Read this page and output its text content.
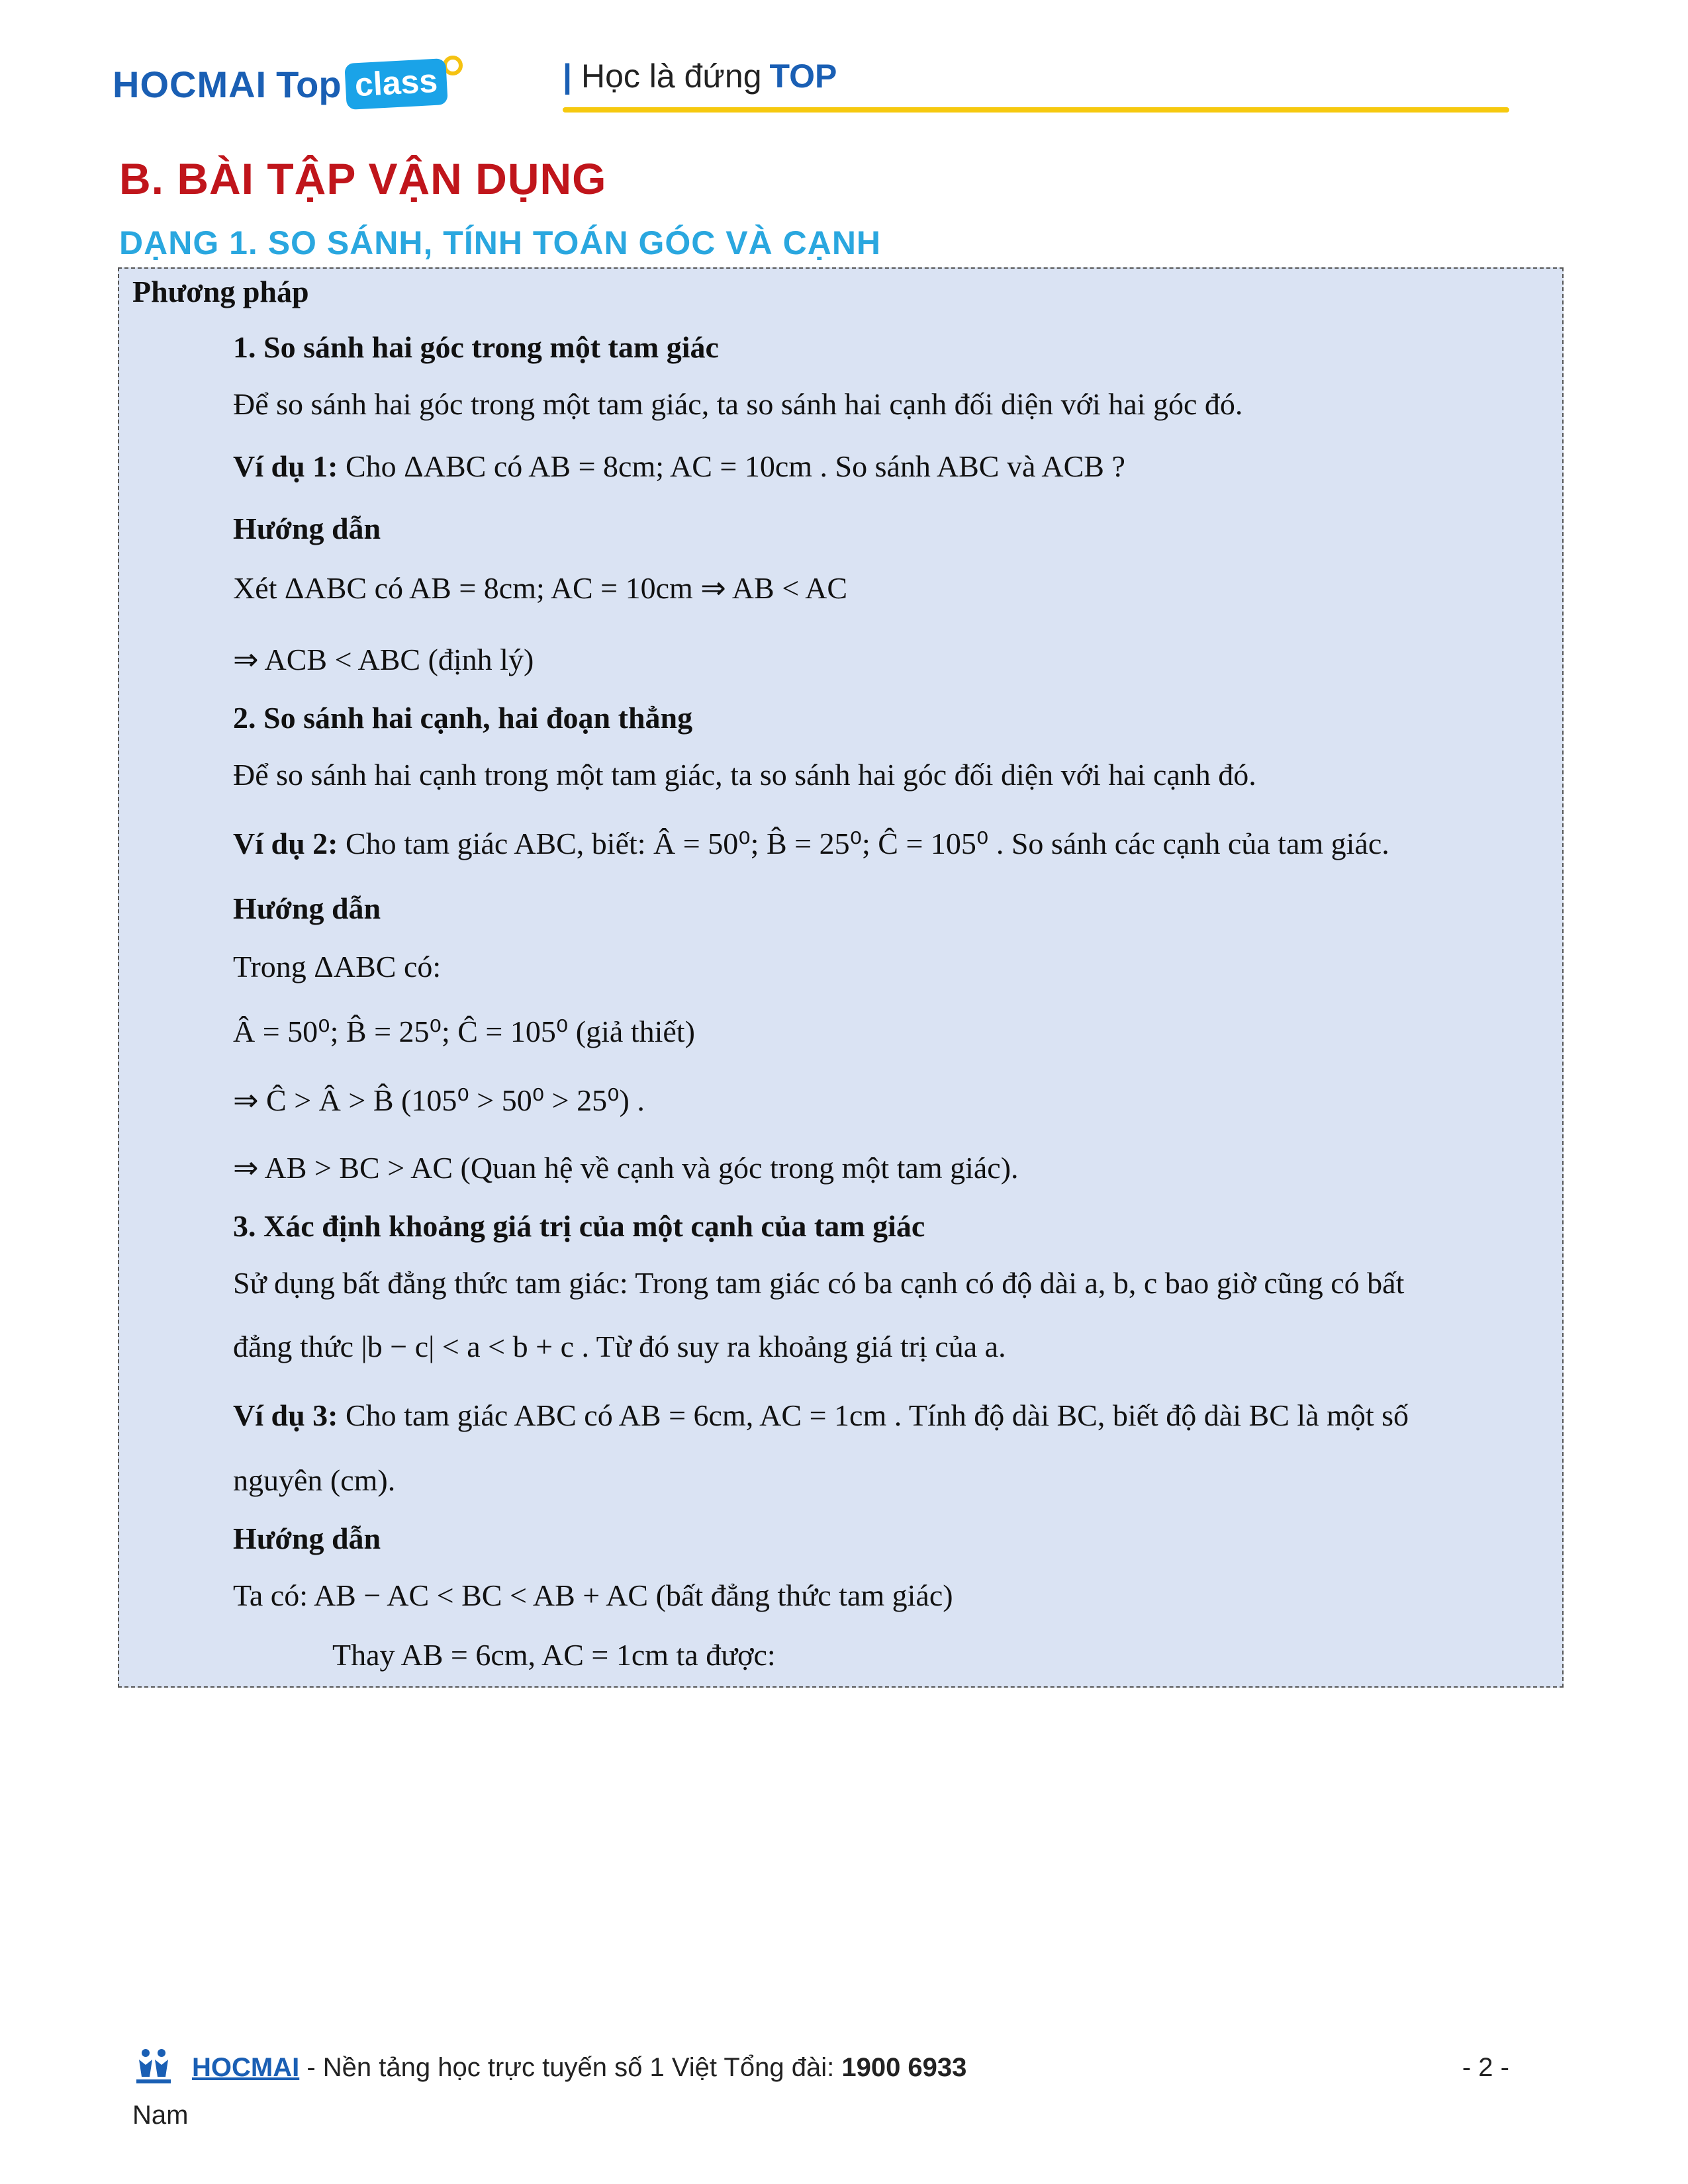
HOCMAI Top class	| Học là đứng TOP
B. BÀI TẬP VẬN DỤNG
DẠNG 1. SO SÁNH, TÍNH TOÁN GÓC VÀ CẠNH

Phương pháp

1. So sánh hai góc trong một tam giác

Để so sánh hai góc trong một tam giác, ta so sánh hai cạnh đối diện với hai góc đó.

Ví dụ 1: Cho ΔABC có AB = 8cm; AC = 10cm . So sánh ABC và ACB ?

Hướng dẫn

Xét ΔABC có AB = 8cm; AC = 10cm ⇒ AB < AC

⇒ ACB < ABC (định lý)

2. So sánh hai cạnh, hai đoạn thẳng

Để so sánh hai cạnh trong một tam giác, ta so sánh hai góc đối diện với hai cạnh đó.

Ví dụ 2: Cho tam giác ABC, biết: Â = 50⁰; B̂ = 25⁰; Ĉ = 105⁰ . So sánh các cạnh của tam giác.

Hướng dẫn

Trong ΔABC có:

Â = 50⁰; B̂ = 25⁰; Ĉ = 105⁰ (giả thiết)

⇒ Ĉ > Â > B̂ (105⁰ > 50⁰ > 25⁰) .

⇒ AB > BC > AC (Quan hệ về cạnh và góc trong một tam giác).

3. Xác định khoảng giá trị của một cạnh của tam giác

Sử dụng bất đẳng thức tam giác: Trong tam giác có ba cạnh có độ dài a, b, c bao giờ cũng có bất

đẳng thức |b − c| < a < b + c . Từ đó suy ra khoảng giá trị của a.

Ví dụ 3: Cho tam giác ABC có AB = 6cm, AC = 1cm . Tính độ dài BC, biết độ dài BC là một số

nguyên (cm).

Hướng dẫn

Ta có: AB − AC < BC < AB + AC (bất đẳng thức tam giác)

Thay AB = 6cm, AC = 1cm ta được:

HOCMAI - Nền tảng học trực tuyến số 1 Việt Tổng đài: 1900 6933	- 2 -
Nam
